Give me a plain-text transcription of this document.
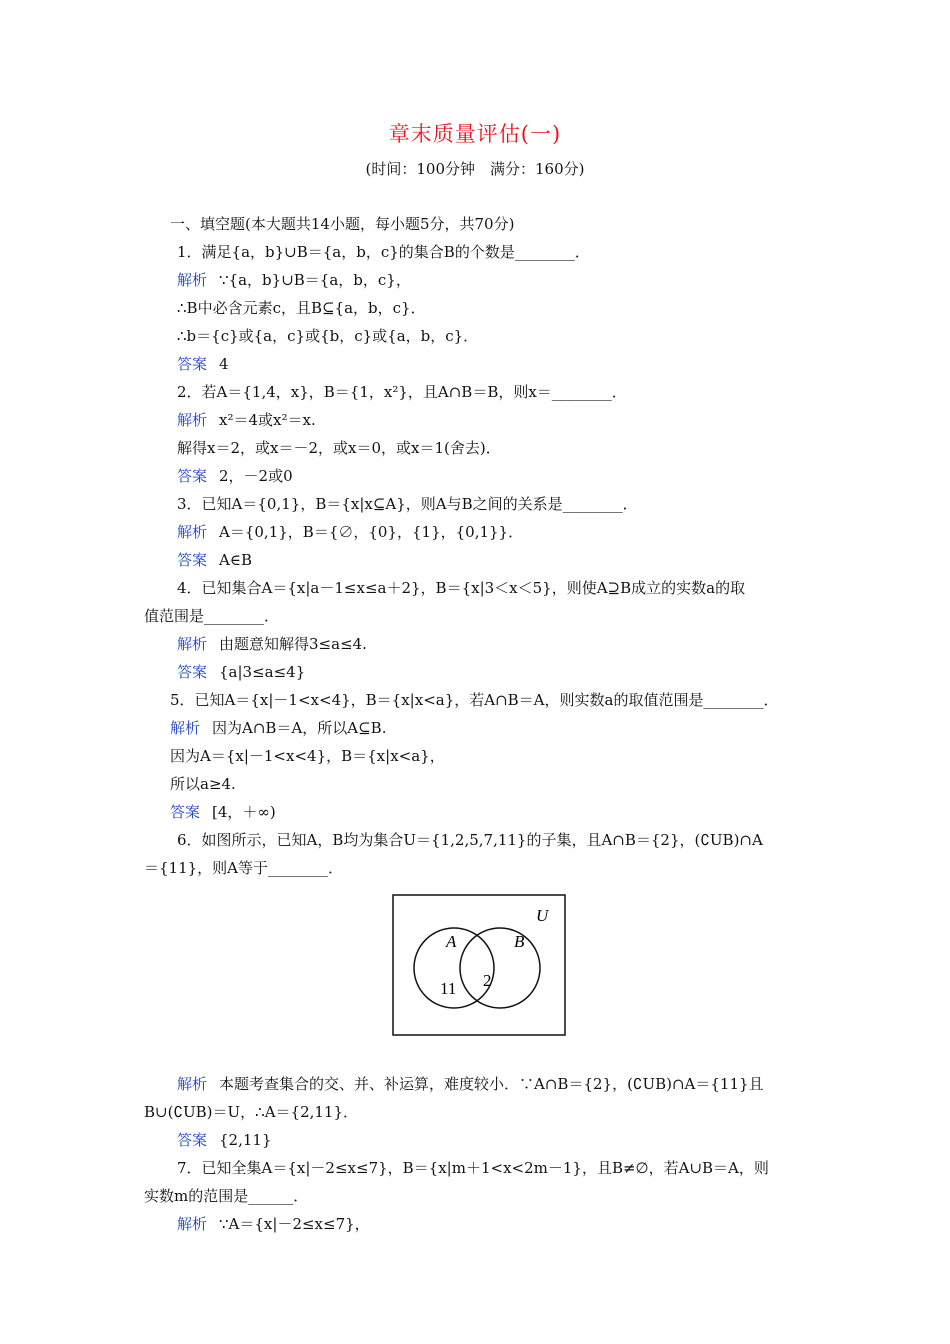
章末质量评估(一)
(时间：100分钟　满分：160分)
一、填空题(本大题共14小题，每小题5分，共70分)
1．满足{a，b}∪B＝{a，b，c}的集合B的个数是________．
解析 ∵{a，b}∪B＝{a，b，c}，
∴B中必含元素c，且B⊆{a，b，c}．
∴b＝{c}或{a，c}或{b，c}或{a，b，c}．
答案 4
2．若A＝{1,4，x}，B＝{1，x²}，且A∩B＝B，则x＝________．
解析 x²＝4或x²＝x.
解得x＝2，或x＝－2，或x＝0，或x＝1(舍去)．
答案 2，－2或0
3．已知A＝{0,1}，B＝{x|x⊆A}，则A与B之间的关系是________．
解析 A＝{0,1}，B＝{∅，{0}，{1}，{0,1}}．
答案 A∈B
4．已知集合A＝{x|a－1≤x≤a＋2}，B＝{x|3＜x＜5}，则使A⊇B成立的实数a的取
值范围是________．
解析 由题意知解得3≤a≤4.
答案 {a|3≤a≤4}
5．已知A＝{x|－1<x<4}，B＝{x|x<a}，若A∩B＝A，则实数a的取值范围是________．
解析 因为A∩B＝A，所以A⊆B.
因为A＝{x|－1<x<4}，B＝{x|x<a}，
所以a≥4.
答案 [4，＋∞)
6．如图所示，已知A，B均为集合U＝{1,2,5,7,11}的子集，且A∩B＝{2}，(∁UB)∩A
＝{11}，则A等于________．
U
A	B
11 2
解析 本题考查集合的交、并、补运算，难度较小．∵A∩B＝{2}，(∁UB)∩A＝{11}且
B∪(∁UB)＝U，∴A＝{2,11}．
答案 {2,11}
7．已知全集A＝{x|－2≤x≤7}，B＝{x|m＋1<x<2m－1}，且B≠∅，若A∪B＝A，则
实数m的范围是______．
解析 ∵A＝{x|－2≤x≤7}，
